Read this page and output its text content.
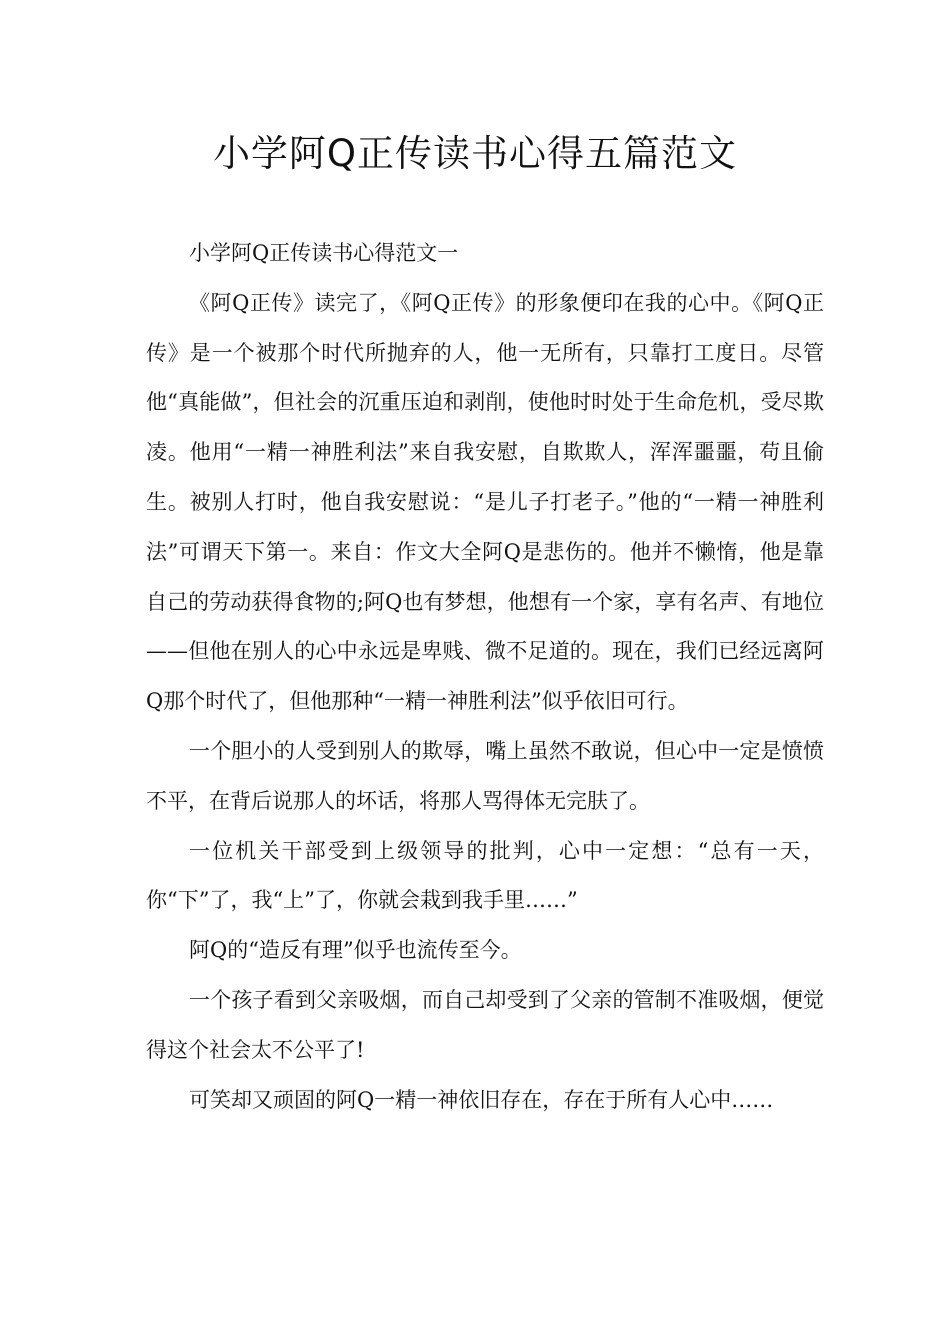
小学阿Q正传读书心得五篇范文

小学阿Q正传读书心得范文一

《阿Q正传》读完了，《阿Q正传》的形象便印在我的心中。《阿Q正传》是一个被那个时代所抛弃的人，他一无所有，只靠打工度日。尽管他“真能做”，但社会的沉重压迫和剥削，使他时时处于生命危机，受尽欺凌。他用“一精一神胜利法”来自我安慰，自欺欺人，浑浑噩噩，苟且偷生。被别人打时，他自我安慰说：“是儿子打老子。”他的“一精一神胜利法”可谓天下第一。来自：作文大全阿Q是悲伤的。他并不懒惰，他是靠自己的劳动获得食物的;阿Q也有梦想，他想有一个家，享有名声、有地位——但他在别人的心中永远是卑贱、微不足道的。现在，我们已经远离阿Q那个时代了，但他那种“一精一神胜利法”似乎依旧可行。

一个胆小的人受到别人的欺辱，嘴上虽然不敢说，但心中一定是愤愤不平，在背后说那人的坏话，将那人骂得体无完肤了。

一位机关干部受到上级领导的批判，心中一定想：“总有一天，你“下”了，我“上”了，你就会栽到我手里……”

阿Q的“造反有理”似乎也流传至今。

一个孩子看到父亲吸烟，而自己却受到了父亲的管制不准吸烟，便觉得这个社会太不公平了!

可笑却又顽固的阿Q一精一神依旧存在，存在于所有人心中……
